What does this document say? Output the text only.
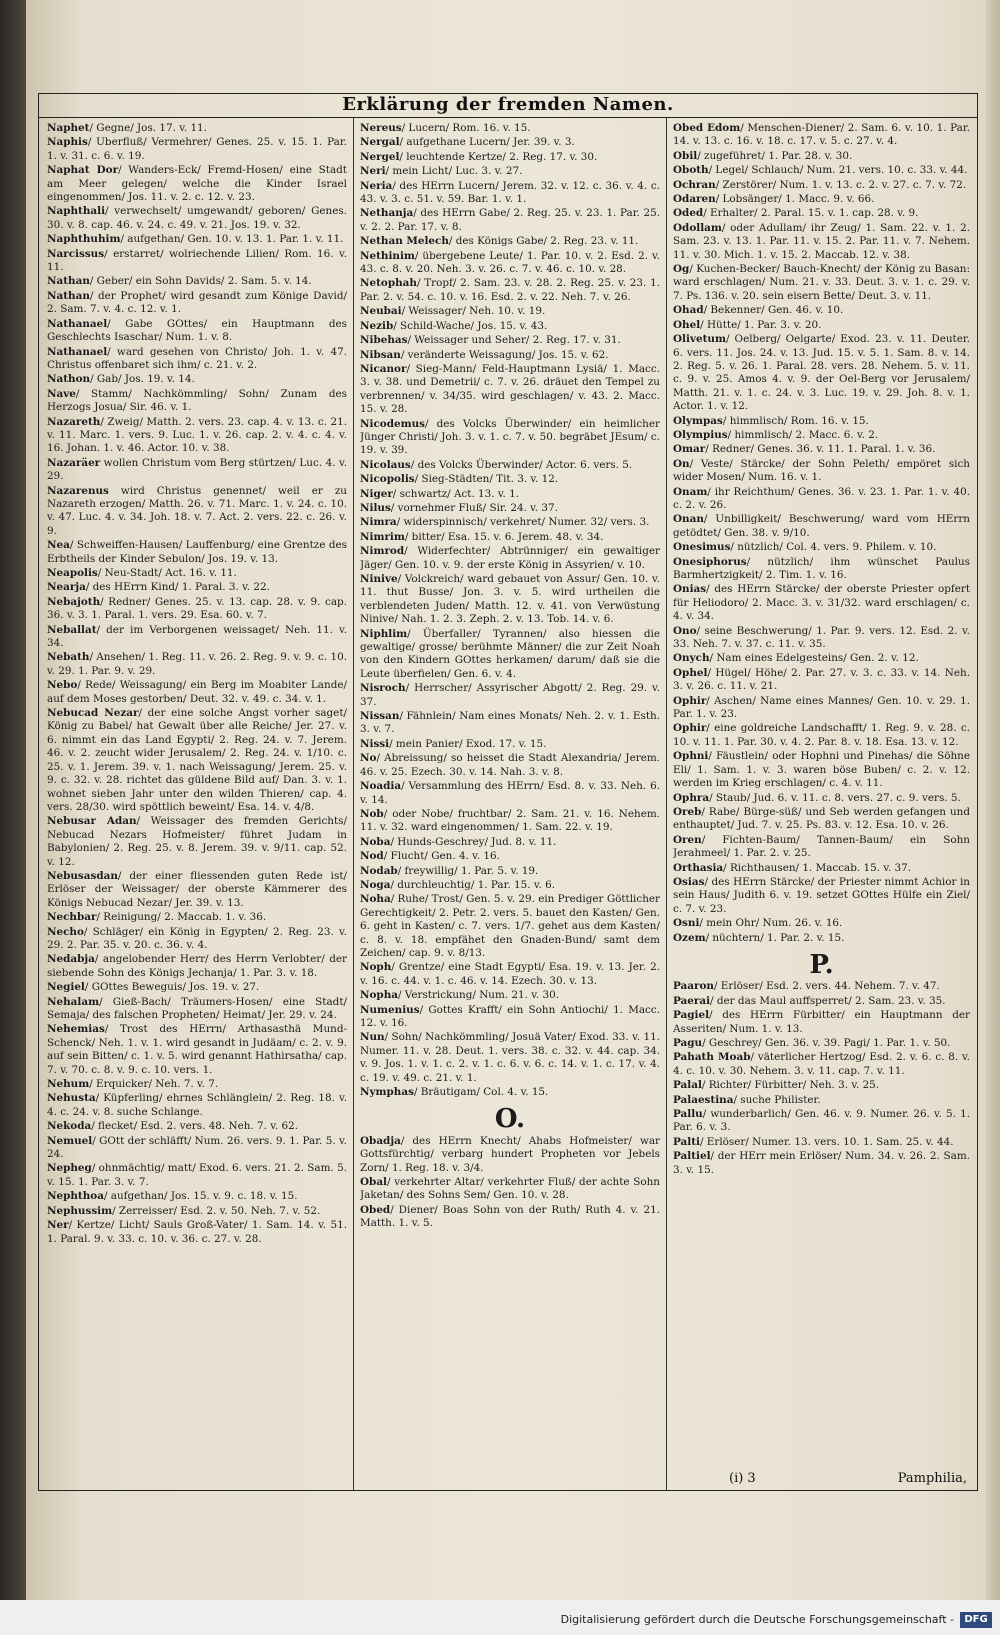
Erklärung der fremden Namen.
Naphet/ Gegne/ Jos. 17. v. 11.
Naphis/ Uberfluß/ Vermehrer/ Genes. 25. v. 15. 1. Par. 1. v. 31. c. 6. v. 19.
Naphat Dor/ Wanders-Eck/ Fremd-Hosen/ eine Stadt am Meer gelegen/ welche die Kinder Israel eingenommen/ Jos. 11. v. 2. c. 12. v. 23.
Naphthali/ verwechselt/ umgewandt/ geboren/ Genes. 30. v. 8. cap. 46. v. 24. c. 49. v. 21. Jos. 19. v. 32.
Naphthuhim/ aufgethan/ Gen. 10. v. 13. 1. Par. 1. v. 11.
Narcissus/ erstarret/ wolriechende Lilien/ Rom. 16. v. 11.
Nathan/ Geber/ ein Sohn Davids/ 2. Sam. 5. v. 14.
Nathan/ der Prophet/ wird gesandt zum Könige David/ 2. Sam. 7. v. 4. c. 12. v. 1.
Nathanael/ Gabe GOttes/ ein Hauptmann des Geschlechts Isaschar/ Num. 1. v. 8.
Nathanael/ ward gesehen von Christo/ Joh. 1. v. 47. Christus offenbaret sich ihm/ c. 21. v. 2.
Nathon/ Gab/ Jos. 19. v. 14.
Nave/ Stamm/ Nachkömmling/ Sohn/ Zunam des Herzogs Josua/ Sir. 46. v. 1.
Nazareth/ Zweig/ Matth. 2. vers. 23. cap. 4. v. 13. c. 21. v. 11. Marc. 1. vers. 9. Luc. 1. v. 26. cap. 2. v. 4. c. 4. v. 16. Johan. 1. v. 46. Actor. 10. v. 38.
Nazaräer wollen Christum vom Berg stürtzen/ Luc. 4. v. 29.
Nazarenus wird Christus genennet/ weil er zu Nazareth erzogen/ Matth. 26. v. 71. Marc. 1. v. 24. c. 10. v. 47. Luc. 4. v. 34. Joh. 18. v. 7. Act. 2. vers. 22. c. 26. v. 9.
Nea/ Schweiffen-Hausen/ Lauffenburg/ eine Grentze des Erbtheils der Kinder Sebulon/ Jos. 19. v. 13.
Neapolis/ Neu-Stadt/ Act. 16. v. 11.
Nearja/ des HErrn Kind/ 1. Paral. 3. v. 22.
Nebajoth/ Redner/ Genes. 25. v. 13. cap. 28. v. 9. cap. 36. v. 3. 1. Paral. 1. vers. 29. Esa. 60. v. 7.
Neballat/ der im Verborgenen weissaget/ Neh. 11. v. 34.
Nebath/ Ansehen/ 1. Reg. 11. v. 26. 2. Reg. 9. v. 9. c. 10. v. 29. 1. Par. 9. v. 29.
Nebo/ Rede/ Weissagung/ ein Berg im Moabiter Lande/ auf dem Moses gestorben/ Deut. 32. v. 49. c. 34. v. 1.
Nebucad Nezar/ der eine solche Angst vorher saget/ König zu Babel/ hat Gewalt über alle Reiche/ Jer. 27. v. 6. nimmt ein das Land Egypti/ 2. Reg. 24. v. 7. Jerem. 46. v. 2. zeucht wider Jerusalem/ 2. Reg. 24. v. 1/10. c. 25. v. 1. Jerem. 39. v. 1. nach Weissagung/ Jerem. 25. v. 9. c. 32. v. 28. richtet das güldene Bild auf/ Dan. 3. v. 1. wohnet sieben Jahr unter den wilden Thieren/ cap. 4. vers. 28/30. wird spöttlich beweint/ Esa. 14. v. 4/8.
Nebusar Adan/ Weissager des fremden Gerichts/ Nebucad Nezars Hofmeister/ führet Judam in Babylonien/ 2. Reg. 25. v. 8. Jerem. 39. v. 9/11. cap. 52. v. 12.
Nebusasdan/ der einer fliessenden guten Rede ist/ Erlöser der Weissager/ der oberste Kämmerer des Königs Nebucad Nezar/ Jer. 39. v. 13.
Nechbar/ Reinigung/ 2. Maccab. 1. v. 36.
Necho/ Schläger/ ein König in Egypten/ 2. Reg. 23. v. 29. 2. Par. 35. v. 20. c. 36. v. 4.
Nedabja/ angelobender Herr/ des Herrn Verlobter/ der siebende Sohn des Königs Jechanja/ 1. Par. 3. v. 18.
Negiel/ GOttes Beweguis/ Jos. 19. v. 27.
Nehalam/ Gieß-Bach/ Träumers-Hosen/ eine Stadt/ Semaja/ des falschen Propheten/ Heimat/ Jer. 29. v. 24.
Nehemias/ Trost des HErrn/ Arthasasthä Mund-Schenck/ Neh. 1. v. 1. wird gesandt in Judäam/ c. 2. v. 9. auf sein Bitten/ c. 1. v. 5. wird genannt Hathirsatha/ cap. 7. v. 70. c. 8. v. 9. c. 10. vers. 1.
Nehum/ Erquicker/ Neh. 7. v. 7.
Nehusta/ Küpferling/ ehrnes Schlänglein/ 2. Reg. 18. v. 4. c. 24. v. 8. suche Schlange.
Nekoda/ flecket/ Esd. 2. vers. 48. Neh. 7. v. 62.
Nemuel/ GOtt der schläfft/ Num. 26. vers. 9. 1. Par. 5. v. 24.
Nepheg/ ohnmächtig/ matt/ Exod. 6. vers. 21. 2. Sam. 5. v. 15. 1. Par. 3. v. 7.
Nephthoa/ aufgethan/ Jos. 15. v. 9. c. 18. v. 15.
Nephussim/ Zerreisser/ Esd. 2. v. 50. Neh. 7. v. 52.
Ner/ Kertze/ Licht/ Sauls Groß-Vater/ 1. Sam. 14. v. 51. 1. Paral. 9. v. 33. c. 10. v. 36. c. 27. v. 28.
Nereus/ Lucern/ Rom. 16. v. 15.
Nergal/ aufgethane Lucern/ Jer. 39. v. 3.
Nergel/ leuchtende Kertze/ 2. Reg. 17. v. 30.
Neri/ mein Licht/ Luc. 3. v. 27.
Neria/ des HErrn Lucern/ Jerem. 32. v. 12. c. 36. v. 4. c. 43. v. 3. c. 51. v. 59. Bar. 1. v. 1.
Nethanja/ des HErrn Gabe/ 2. Reg. 25. v. 23. 1. Par. 25. v. 2. 2. Par. 17. v. 8.
Nethan Melech/ des Königs Gabe/ 2. Reg. 23. v. 11.
Nethinim/ übergebene Leute/ 1. Par. 10. v. 2. Esd. 2. v. 43. c. 8. v. 20. Neh. 3. v. 26. c. 7. v. 46. c. 10. v. 28.
Netophah/ Tropf/ 2. Sam. 23. v. 28. 2. Reg. 25. v. 23. 1. Par. 2. v. 54. c. 10. v. 16. Esd. 2. v. 22. Neh. 7. v. 26.
Neubai/ Weissager/ Neh. 10. v. 19.
Nezib/ Schild-Wache/ Jos. 15. v. 43.
Nibehas/ Weissager und Seher/ 2. Reg. 17. v. 31.
Nibsan/ veränderte Weissagung/ Jos. 15. v. 62.
Nicanor/ Sieg-Mann/ Feld-Hauptmann Lysiä/ 1. Macc. 3. v. 38. und Demetrii/ c. 7. v. 26. dräuet den Tempel zu verbrennen/ v. 34/35. wird geschlagen/ v. 43. 2. Macc. 15. v. 28.
Nicodemus/ des Volcks Überwinder/ ein heimlicher Jünger Christi/ Joh. 3. v. 1. c. 7. v. 50. begräbet JEsum/ c. 19. v. 39.
Nicolaus/ des Volcks Überwinder/ Actor. 6. vers. 5.
Nicopolis/ Sieg-Städten/ Tit. 3. v. 12.
Niger/ schwartz/ Act. 13. v. 1.
Nilus/ vornehmer Fluß/ Sir. 24. v. 37.
Nimra/ widerspinnisch/ verkehret/ Numer. 32/ vers. 3.
Nimrim/ bitter/ Esa. 15. v. 6. Jerem. 48. v. 34.
Nimrod/ Widerfechter/ Abtrünniger/ ein gewaltiger Jäger/ Gen. 10. v. 9. der erste König in Assyrien/ v. 10.
Ninive/ Volckreich/ ward gebauet von Assur/ Gen. 10. v. 11. thut Busse/ Jon. 3. v. 5. wird urtheilen die verblendeten Juden/ Matth. 12. v. 41. von Verwüstung Ninive/ Nah. 1. 2. 3. Zeph. 2. v. 13. Tob. 14. v. 6.
Niphlim/ Überfaller/ Tyrannen/ also hiessen die gewaltige/ grosse/ berühmte Männer/ die zur Zeit Noah von den Kindern GOttes herkamen/ darum/ daß sie die Leute überfielen/ Gen. 6. v. 4.
Nisroch/ Herrscher/ Assyrischer Abgott/ 2. Reg. 29. v. 37.
Nissan/ Fähnlein/ Nam eines Monats/ Neh. 2. v. 1. Esth. 3. v. 7.
Nissi/ mein Panier/ Exod. 17. v. 15.
No/ Abreissung/ so heisset die Stadt Alexandria/ Jerem. 46. v. 25. Ezech. 30. v. 14. Nah. 3. v. 8.
Noadia/ Versammlung des HErrn/ Esd. 8. v. 33. Neh. 6. v. 14.
Nob/ oder Nobe/ fruchtbar/ 2. Sam. 21. v. 16. Nehem. 11. v. 32. ward eingenommen/ 1. Sam. 22. v. 19.
Noba/ Hunds-Geschrey/ Jud. 8. v. 11.
Nod/ Flucht/ Gen. 4. v. 16.
Nodab/ freywillig/ 1. Par. 5. v. 19.
Noga/ durchleuchtig/ 1. Par. 15. v. 6.
Noha/ Ruhe/ Trost/ Gen. 5. v. 29. ein Prediger Göttlicher Gerechtigkeit/ 2. Petr. 2. vers. 5. bauet den Kasten/ Gen. 6. geht in Kasten/ c. 7. vers. 1/7. gehet aus dem Kasten/ c. 8. v. 18. empfähet den Gnaden-Bund/ samt dem Zeichen/ cap. 9. v. 8/13.
Noph/ Grentze/ eine Stadt Egypti/ Esa. 19. v. 13. Jer. 2. v. 16. c. 44. v. 1. c. 46. v. 14. Ezech. 30. v. 13.
Nopha/ Verstrickung/ Num. 21. v. 30.
Numenius/ Gottes Krafft/ ein Sohn Antiochi/ 1. Macc. 12. v. 16.
Nun/ Sohn/ Nachkömmling/ Josuä Vater/ Exod. 33. v. 11. Numer. 11. v. 28. Deut. 1. vers. 38. c. 32. v. 44. cap. 34. v. 9. Jos. 1. v. 1. c. 2. v. 1. c. 6. v. 6. c. 14. v. 1. c. 17. v. 4. c. 19. v. 49. c. 21. v. 1.
Nymphas/ Bräutigam/ Col. 4. v. 15.
O.
Obadja/ des HErrn Knecht/ Ahabs Hofmeister/ war Gottsfürchtig/ verbarg hundert Propheten vor Jebels Zorn/ 1. Reg. 18. v. 3/4.
Obal/ verkehrter Altar/ verkehrter Fluß/ der achte Sohn Jaketan/ des Sohns Sem/ Gen. 10. v. 28.
Obed/ Diener/ Boas Sohn von der Ruth/ Ruth 4. v. 21. Matth. 1. v. 5.
Obed Edom/ Menschen-Diener/ 2. Sam. 6. v. 10. 1. Par. 14. v. 13. c. 16. v. 18. c. 17. v. 5. c. 27. v. 4.
Obil/ zugeführet/ 1. Par. 28. v. 30.
Oboth/ Legel/ Schlauch/ Num. 21. vers. 10. c. 33. v. 44.
Ochran/ Zerstörer/ Num. 1. v. 13. c. 2. v. 27. c. 7. v. 72.
Odaren/ Lobsänger/ 1. Macc. 9. v. 66.
Oded/ Erhalter/ 2. Paral. 15. v. 1. cap. 28. v. 9.
Odollam/ oder Adullam/ ihr Zeug/ 1. Sam. 22. v. 1. 2. Sam. 23. v. 13. 1. Par. 11. v. 15. 2. Par. 11. v. 7. Nehem. 11. v. 30. Mich. 1. v. 15. 2. Maccab. 12. v. 38.
Og/ Kuchen-Becker/ Bauch-Knecht/ der König zu Basan: ward erschlagen/ Num. 21. v. 33. Deut. 3. v. 1. c. 29. v. 7. Ps. 136. v. 20. sein eisern Bette/ Deut. 3. v. 11.
Ohad/ Bekenner/ Gen. 46. v. 10.
Ohel/ Hütte/ 1. Par. 3. v. 20.
Olivetum/ Oelberg/ Oelgarte/ Exod. 23. v. 11. Deuter. 6. vers. 11. Jos. 24. v. 13. Jud. 15. v. 5. 1. Sam. 8. v. 14. 2. Reg. 5. v. 26. 1. Paral. 28. vers. 28. Nehem. 5. v. 11. c. 9. v. 25. Amos 4. v. 9. der Oel-Berg vor Jerusalem/ Matth. 21. v. 1. c. 24. v. 3. Luc. 19. v. 29. Joh. 8. v. 1. Actor. 1. v. 12.
Olympas/ himmlisch/ Rom. 16. v. 15.
Olympius/ himmlisch/ 2. Macc. 6. v. 2.
Omar/ Redner/ Genes. 36. v. 11. 1. Paral. 1. v. 36.
On/ Veste/ Stärcke/ der Sohn Peleth/ empöret sich wider Mosen/ Num. 16. v. 1.
Onam/ ihr Reichthum/ Genes. 36. v. 23. 1. Par. 1. v. 40. c. 2. v. 26.
Onan/ Unbilligkeit/ Beschwerung/ ward vom HErrn getödtet/ Gen. 38. v. 9/10.
Onesimus/ nützlich/ Col. 4. vers. 9. Philem. v. 10.
Onesiphorus/ nützlich/ ihm wünschet Paulus Barmhertzigkeit/ 2. Tim. 1. v. 16.
Onias/ des HErrn Stärcke/ der oberste Priester opfert für Heliodoro/ 2. Macc. 3. v. 31/32. ward erschlagen/ c. 4. v. 34.
Ono/ seine Beschwerung/ 1. Par. 9. vers. 12. Esd. 2. v. 33. Neh. 7. v. 37. c. 11. v. 35.
Onych/ Nam eines Edelgesteins/ Gen. 2. v. 12.
Ophel/ Hügel/ Höhe/ 2. Par. 27. v. 3. c. 33. v. 14. Neh. 3. v. 26. c. 11. v. 21.
Ophir/ Aschen/ Name eines Mannes/ Gen. 10. v. 29. 1. Par. 1. v. 23.
Ophir/ eine goldreiche Landschafft/ 1. Reg. 9. v. 28. c. 10. v. 11. 1. Par. 30. v. 4. 2. Par. 8. v. 18. Esa. 13. v. 12.
Ophni/ Fäustlein/ oder Hophni und Pinehas/ die Söhne Eli/ 1. Sam. 1. v. 3. waren böse Buben/ c. 2. v. 12. werden im Krieg erschlagen/ c. 4. v. 11.
Ophra/ Staub/ Jud. 6. v. 11. c. 8. vers. 27. c. 9. vers. 5.
Oreb/ Rabe/ Bürge-süß/ und Seb werden gefangen und enthauptet/ Jud. 7. v. 25. Ps. 83. v. 12. Esa. 10. v. 26.
Oren/ Fichten-Baum/ Tannen-Baum/ ein Sohn Jerahmeel/ 1. Par. 2. v. 25.
Orthasia/ Richthausen/ 1. Maccab. 15. v. 37.
Osias/ des HErrn Stärcke/ der Priester nimmt Achior in sein Haus/ Judith 6. v. 19. setzet GOttes Hülfe ein Ziel/ c. 7. v. 23.
Osni/ mein Ohr/ Num. 26. v. 16.
Ozem/ nüchtern/ 1. Par. 2. v. 15.
P.
Paaron/ Erlöser/ Esd. 2. vers. 44. Nehem. 7. v. 47.
Paerai/ der das Maul auffsperret/ 2. Sam. 23. v. 35.
Pagiel/ des HErrn Fürbitter/ ein Hauptmann der Asseriten/ Num. 1. v. 13.
Pagu/ Geschrey/ Gen. 36. v. 39. Pagi/ 1. Par. 1. v. 50.
Pahath Moab/ väterlicher Hertzog/ Esd. 2. v. 6. c. 8. v. 4. c. 10. v. 30. Nehem. 3. v. 11. cap. 7. v. 11.
Palal/ Richter/ Fürbitter/ Neh. 3. v. 25.
Palaestina/ suche Philister.
Pallu/ wunderbarlich/ Gen. 46. v. 9. Numer. 26. v. 5. 1. Par. 6. v. 3.
Palti/ Erlöser/ Numer. 13. vers. 10. 1. Sam. 25. v. 44.
Paltiel/ der HErr mein Erlöser/ Num. 34. v. 26. 2. Sam. 3. v. 15.
(i) 3	Pamphilia,
Digitalisierung gefördert durch die Deutsche Forschungsgemeinschaft -	DFG
